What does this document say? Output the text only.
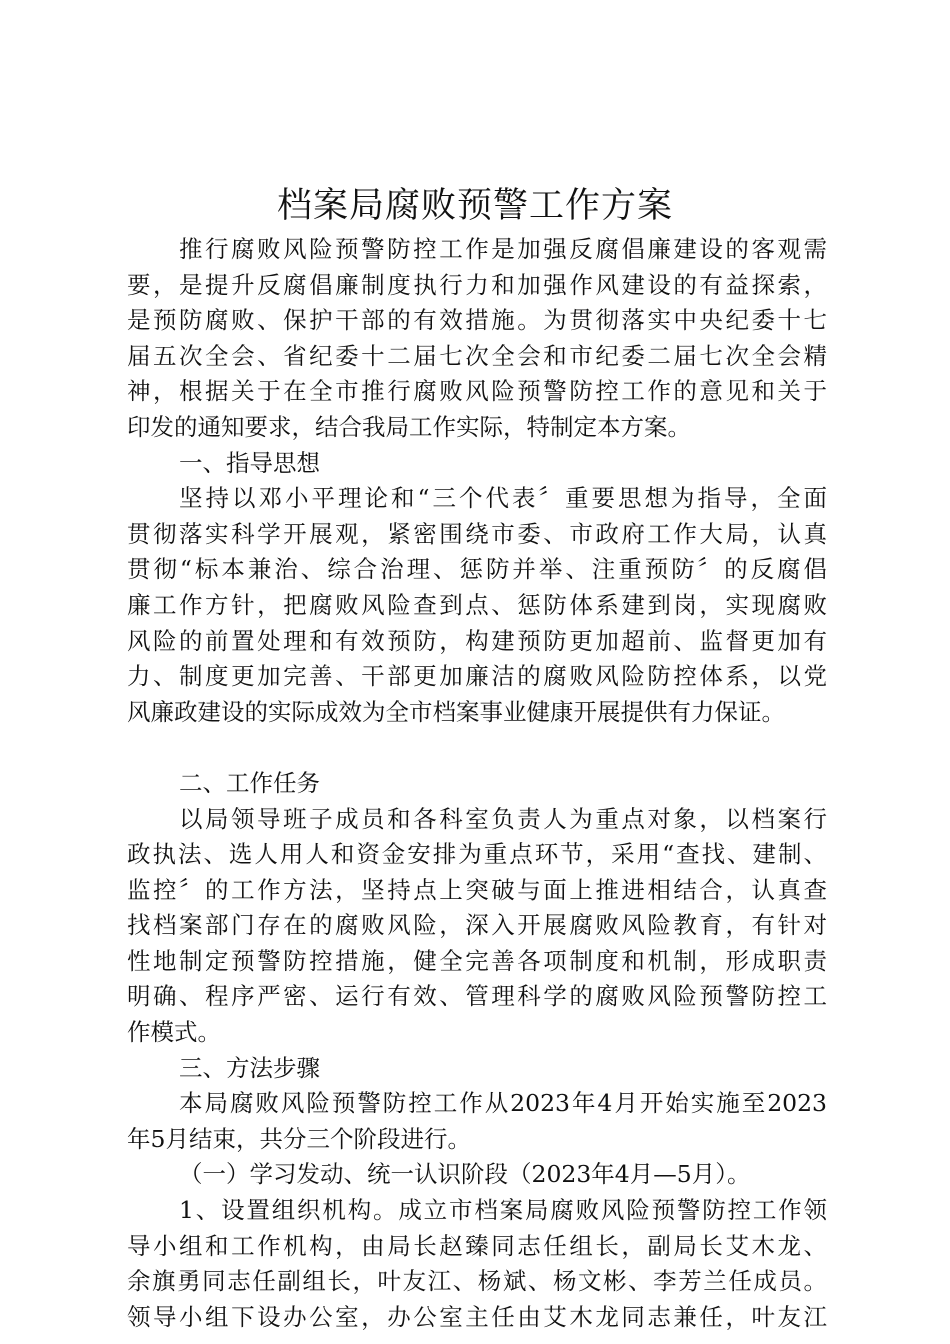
档案局腐败预警工作方案
推行腐败风险预警防控工作是加强反腐倡廉建设的客观需
要，是提升反腐倡廉制度执行力和加强作风建设的有益探索，
是预防腐败、保护干部的有效措施。为贯彻落实中央纪委十七
届五次全会、省纪委十二届七次全会和市纪委二届七次全会精
神，根据关于在全市推行腐败风险预警防控工作的意见和关于
印发的通知要求，结合我局工作实际，特制定本方案。
一、指导思想
坚持以邓小平理论和“三个代表〞重要思想为指导，全面
贯彻落实科学开展观，紧密围绕市委、市政府工作大局，认真
贯彻“标本兼治、综合治理、惩防并举、注重预防〞的反腐倡
廉工作方针，把腐败风险查到点、惩防体系建到岗，实现腐败
风险的前置处理和有效预防，构建预防更加超前、监督更加有
力、制度更加完善、干部更加廉洁的腐败风险防控体系，以党
风廉政建设的实际成效为全市档案事业健康开展提供有力保证。
二、工作任务
以局领导班子成员和各科室负责人为重点对象，以档案行
政执法、选人用人和资金安排为重点环节，采用“查找、建制、
监控〞的工作方法，坚持点上突破与面上推进相结合，认真查
找档案部门存在的腐败风险，深入开展腐败风险教育，有针对
性地制定预警防控措施，健全完善各项制度和机制，形成职责
明确、程序严密、运行有效、管理科学的腐败风险预警防控工
作模式。
三、方法步骤
本局腐败风险预警防控工作从2023年4月开始实施至2023
年5月结束，共分三个阶段进行。
（一）学习发动、统一认识阶段（2023年4月—5月）。
1、设置组织机构。成立市档案局腐败风险预警防控工作领
导小组和工作机构，由局长赵臻同志任组长，副局长艾木龙、
余旗勇同志任副组长，叶友江、杨斌、杨文彬、李芳兰任成员。
领导小组下设办公室，办公室主任由艾木龙同志兼任，叶友江
